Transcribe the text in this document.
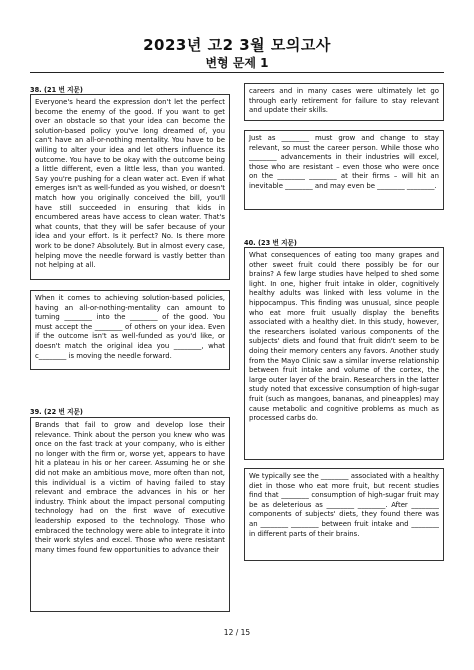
2023년 고2 3월 모의고사
변형 문제 1
38. (21 번 지문)

Everyone's heard the expression don't let the perfect become the enemy of the good. If you want to get over an obstacle so that your idea can become the solution-based policy you've long dreamed of, you can't have an all-or-nothing mentality. You have to be willing to alter your idea and let others influence its outcome. You have to be okay with the outcome being a little different, even a little less, than you wanted. Say you're pushing for a clean water act. Even if what emerges isn't as well-funded as you wished, or doesn't match how you originally conceived the bill, you'll have still succeeded in ensuring that kids in encumbered areas have access to clean water. That's what counts, that they will be safer because of your idea and your effort. Is it perfect? No. Is there more work to be done? Absolutely. But in almost every case, helping move the needle forward is vastly better than not helping at all.

When it comes to achieving solution-based policies, having an all-or-nothing-mentality can amount to turning ________ into the ________ of the good. You must accept the ________ of others on your idea. Even if the outcome isn't as well-funded as you'd like, or doesn't match the original idea you ________, what c________ is moving the needle forward.

39. (22 번 지문)

Brands that fail to grow and develop lose their relevance. Think about the person you knew who was once on the fast track at your company, who is either no longer with the firm or, worse yet, appears to have hit a plateau in his or her career. Assuming he or she did not make an ambitious move, more often than not, this individual is a victim of having failed to stay relevant and embrace the advances in his or her industry. Think about the impact personal computing technology had on the first wave of executive leadership exposed to the technology. Those who embraced the technology were able to integrate it into their work styles and excel. Those who were resistant many times found few opportunities to advance their

Just as ________ must grow and change to stay relevant, so must the career person. While those who ________ advancements in their industries will excel, those who are resistant – even those who were once on the ________ ________ at their firms – will hit an inevitable ________ and may even be ________ ________.

careers and in many cases were ultimately let go through early retirement for failure to stay relevant and update their skills.

40. (23 번 지문)

What consequences of eating too many grapes and other sweet fruit could there possibly be for our brains? A few large studies have helped to shed some light. In one, higher fruit intake in older, cognitively healthy adults was linked with less volume in the hippocampus. This finding was unusual, since people who eat more fruit usually display the benefits associated with a healthy diet. In this study, however, the researchers isolated various components of the subjects' diets and found that fruit didn't seem to be doing their memory centers any favors. Another study from the Mayo Clinic saw a similar inverse relationship between fruit intake and volume of the cortex, the large outer layer of the brain. Researchers in the latter study noted that excessive consumption of high-sugar fruit (such as mangoes, bananas, and pineapples) may cause metabolic and cognitive problems as much as processed carbs do.

We typically see the ________ associated with a healthy diet in those who eat more fruit, but recent studies find that ________ consumption of high-sugar fruit may be as deleterious as ________ ________. After ________ components of subjects' diets, they found there was an ________ ________ between fruit intake and ________ in different parts of their brains.

12 / 15
